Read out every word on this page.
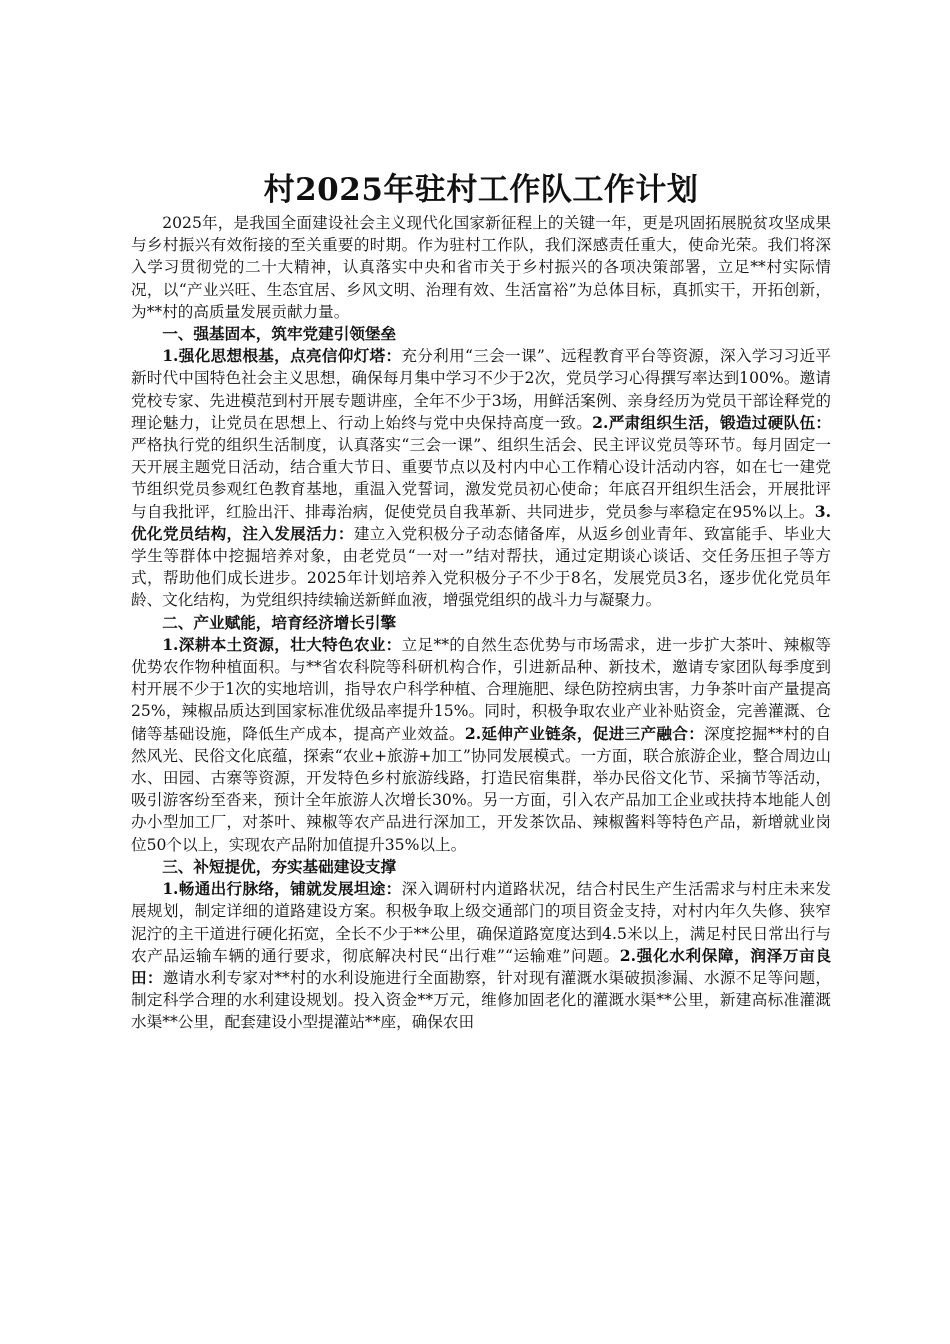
村2025年驻村工作队工作计划

2025年，是我国全面建设社会主义现代化国家新征程上的关键一年，更是巩固拓展脱贫攻坚成果与乡村振兴有效衔接的至关重要的时期。作为驻村工作队，我们深感责任重大，使命光荣。我们将深入学习贯彻党的二十大精神，认真落实中央和省市关于乡村振兴的各项决策部署，立足**村实际情况，以“产业兴旺、生态宜居、乡风文明、治理有效、生活富裕”为总体目标，真抓实干，开拓创新，为**村的高质量发展贡献力量。

一、强基固本，筑牢党建引领堡垒

1.强化思想根基，点亮信仰灯塔：充分利用“三会一课”、远程教育平台等资源，深入学习习近平新时代中国特色社会主义思想，确保每月集中学习不少于2次，党员学习心得撰写率达到100%。邀请党校专家、先进模范到村开展专题讲座，全年不少于3场，用鲜活案例、亲身经历为党员干部诠释党的理论魅力，让党员在思想上、行动上始终与党中央保持高度一致。2.严肃组织生活，锻造过硬队伍：严格执行党的组织生活制度，认真落实“三会一课”、组织生活会、民主评议党员等环节。每月固定一天开展主题党日活动，结合重大节日、重要节点以及村内中心工作精心设计活动内容，如在七一建党节组织党员参观红色教育基地，重温入党誓词，激发党员初心使命；年底召开组织生活会，开展批评与自我批评，红脸出汗、排毒治病，促使党员自我革新、共同进步，党员参与率稳定在95%以上。3.优化党员结构，注入发展活力：建立入党积极分子动态储备库，从返乡创业青年、致富能手、毕业大学生等群体中挖掘培养对象，由老党员“一对一”结对帮扶，通过定期谈心谈话、交任务压担子等方式，帮助他们成长进步。2025年计划培养入党积极分子不少于8名，发展党员3名，逐步优化党员年龄、文化结构，为党组织持续输送新鲜血液，增强党组织的战斗力与凝聚力。

二、产业赋能，培育经济增长引擎

1.深耕本土资源，壮大特色农业：立足**的自然生态优势与市场需求，进一步扩大茶叶、辣椒等优势农作物种植面积。与**省农科院等科研机构合作，引进新品种、新技术，邀请专家团队每季度到村开展不少于1次的实地培训，指导农户科学种植、合理施肥、绿色防控病虫害，力争茶叶亩产量提高25%，辣椒品质达到国家标准优级品率提升15%。同时，积极争取农业产业补贴资金，完善灌溉、仓储等基础设施，降低生产成本，提高产业效益。2.延伸产业链条，促进三产融合：深度挖掘**村的自然风光、民俗文化底蕴，探索“农业+旅游+加工”协同发展模式。一方面，联合旅游企业，整合周边山水、田园、古寨等资源，开发特色乡村旅游线路，打造民宿集群，举办民俗文化节、采摘节等活动，吸引游客纷至沓来，预计全年旅游人次增长30%。另一方面，引入农产品加工企业或扶持本地能人创办小型加工厂，对茶叶、辣椒等农产品进行深加工，开发茶饮品、辣椒酱料等特色产品，新增就业岗位50个以上，实现农产品附加值提升35%以上。

三、补短提优，夯实基础建设支撑

1.畅通出行脉络，铺就发展坦途：深入调研村内道路状况，结合村民生产生活需求与村庄未来发展规划，制定详细的道路建设方案。积极争取上级交通部门的项目资金支持，对村内年久失修、狭窄泥泞的主干道进行硬化拓宽，全长不少于**公里，确保道路宽度达到4.5米以上，满足村民日常出行与农产品运输车辆的通行要求，彻底解决村民“出行难”“运输难”问题。2.强化水利保障，润泽万亩良田：邀请水利专家对**村的水利设施进行全面勘察，针对现有灌溉水渠破损渗漏、水源不足等问题，制定科学合理的水利建设规划。投入资金**万元，维修加固老化的灌溉水渠**公里，新建高标准灌溉水渠**公里，配套建设小型提灌站**座，确保农田
